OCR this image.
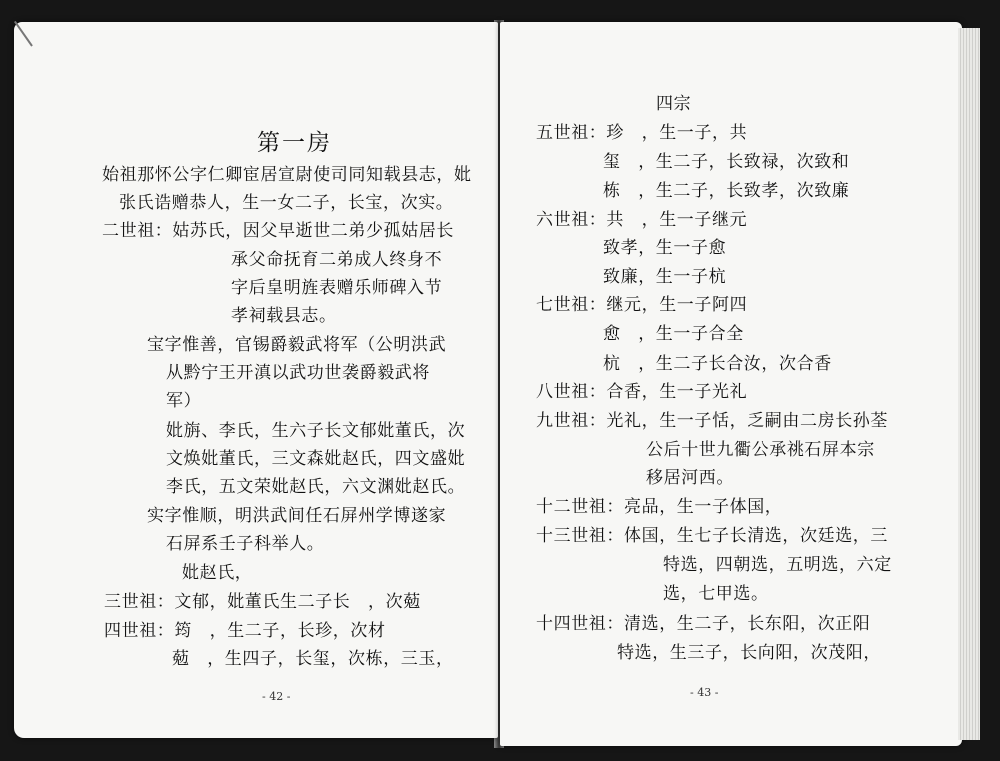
第一房
始祖那怀公字仁卿宦居宣尉使司同知载县志，妣
张氏诰赠恭人，生一女二子，长宝，次实。
二世祖：姑苏氏，因父早逝世二弟少孤姑居长
承父命抚育二弟成人终身不
字后皇明旌表赠乐师碑入节
孝祠载县志。
宝字惟善，官锡爵毅武将军（公明洪武
从黔宁王开滇以武功世袭爵毅武将
军）
妣旃、李氏，生六子长文郁妣董氏，次
文焕妣董氏，三文森妣赵氏，四文盛妣
李氏，五文荣妣赵氏，六文渊妣赵氏。
实字惟顺，明洪武间任石屏州学博遂家
石屏系壬子科举人。
妣赵氏，
三世祖：文郁，妣董氏生二子长　，次葂
四世祖：筠　，生二子，长珍，次材
葂　，生四子，长玺，次栋，三玉，
- 42 -
四宗
五世祖：珍　，生一子，共
玺　，生二子，长致禄，次致和
栋　，生二子，长致孝，次致廉
六世祖：共　，生一子继元
致孝，生一子愈
致廉，生一子杭
七世祖：继元，生一子阿四
愈　，生一子合全
杭　，生二子长合汝，次合香
八世祖：合香，生一子光礼
九世祖：光礼，生一子恬，乏嗣由二房长孙荃
公后十世九衢公承祧石屏本宗
移居河西。
十二世祖：亮品，生一子体国，
十三世祖：体国，生七子长清选，次廷选，三
特选，四朝选，五明选，六定
选，七甲选。
十四世祖：清选，生二子，长东阳，次正阳
特选，生三子，长向阳，次茂阳，
- 43 -
